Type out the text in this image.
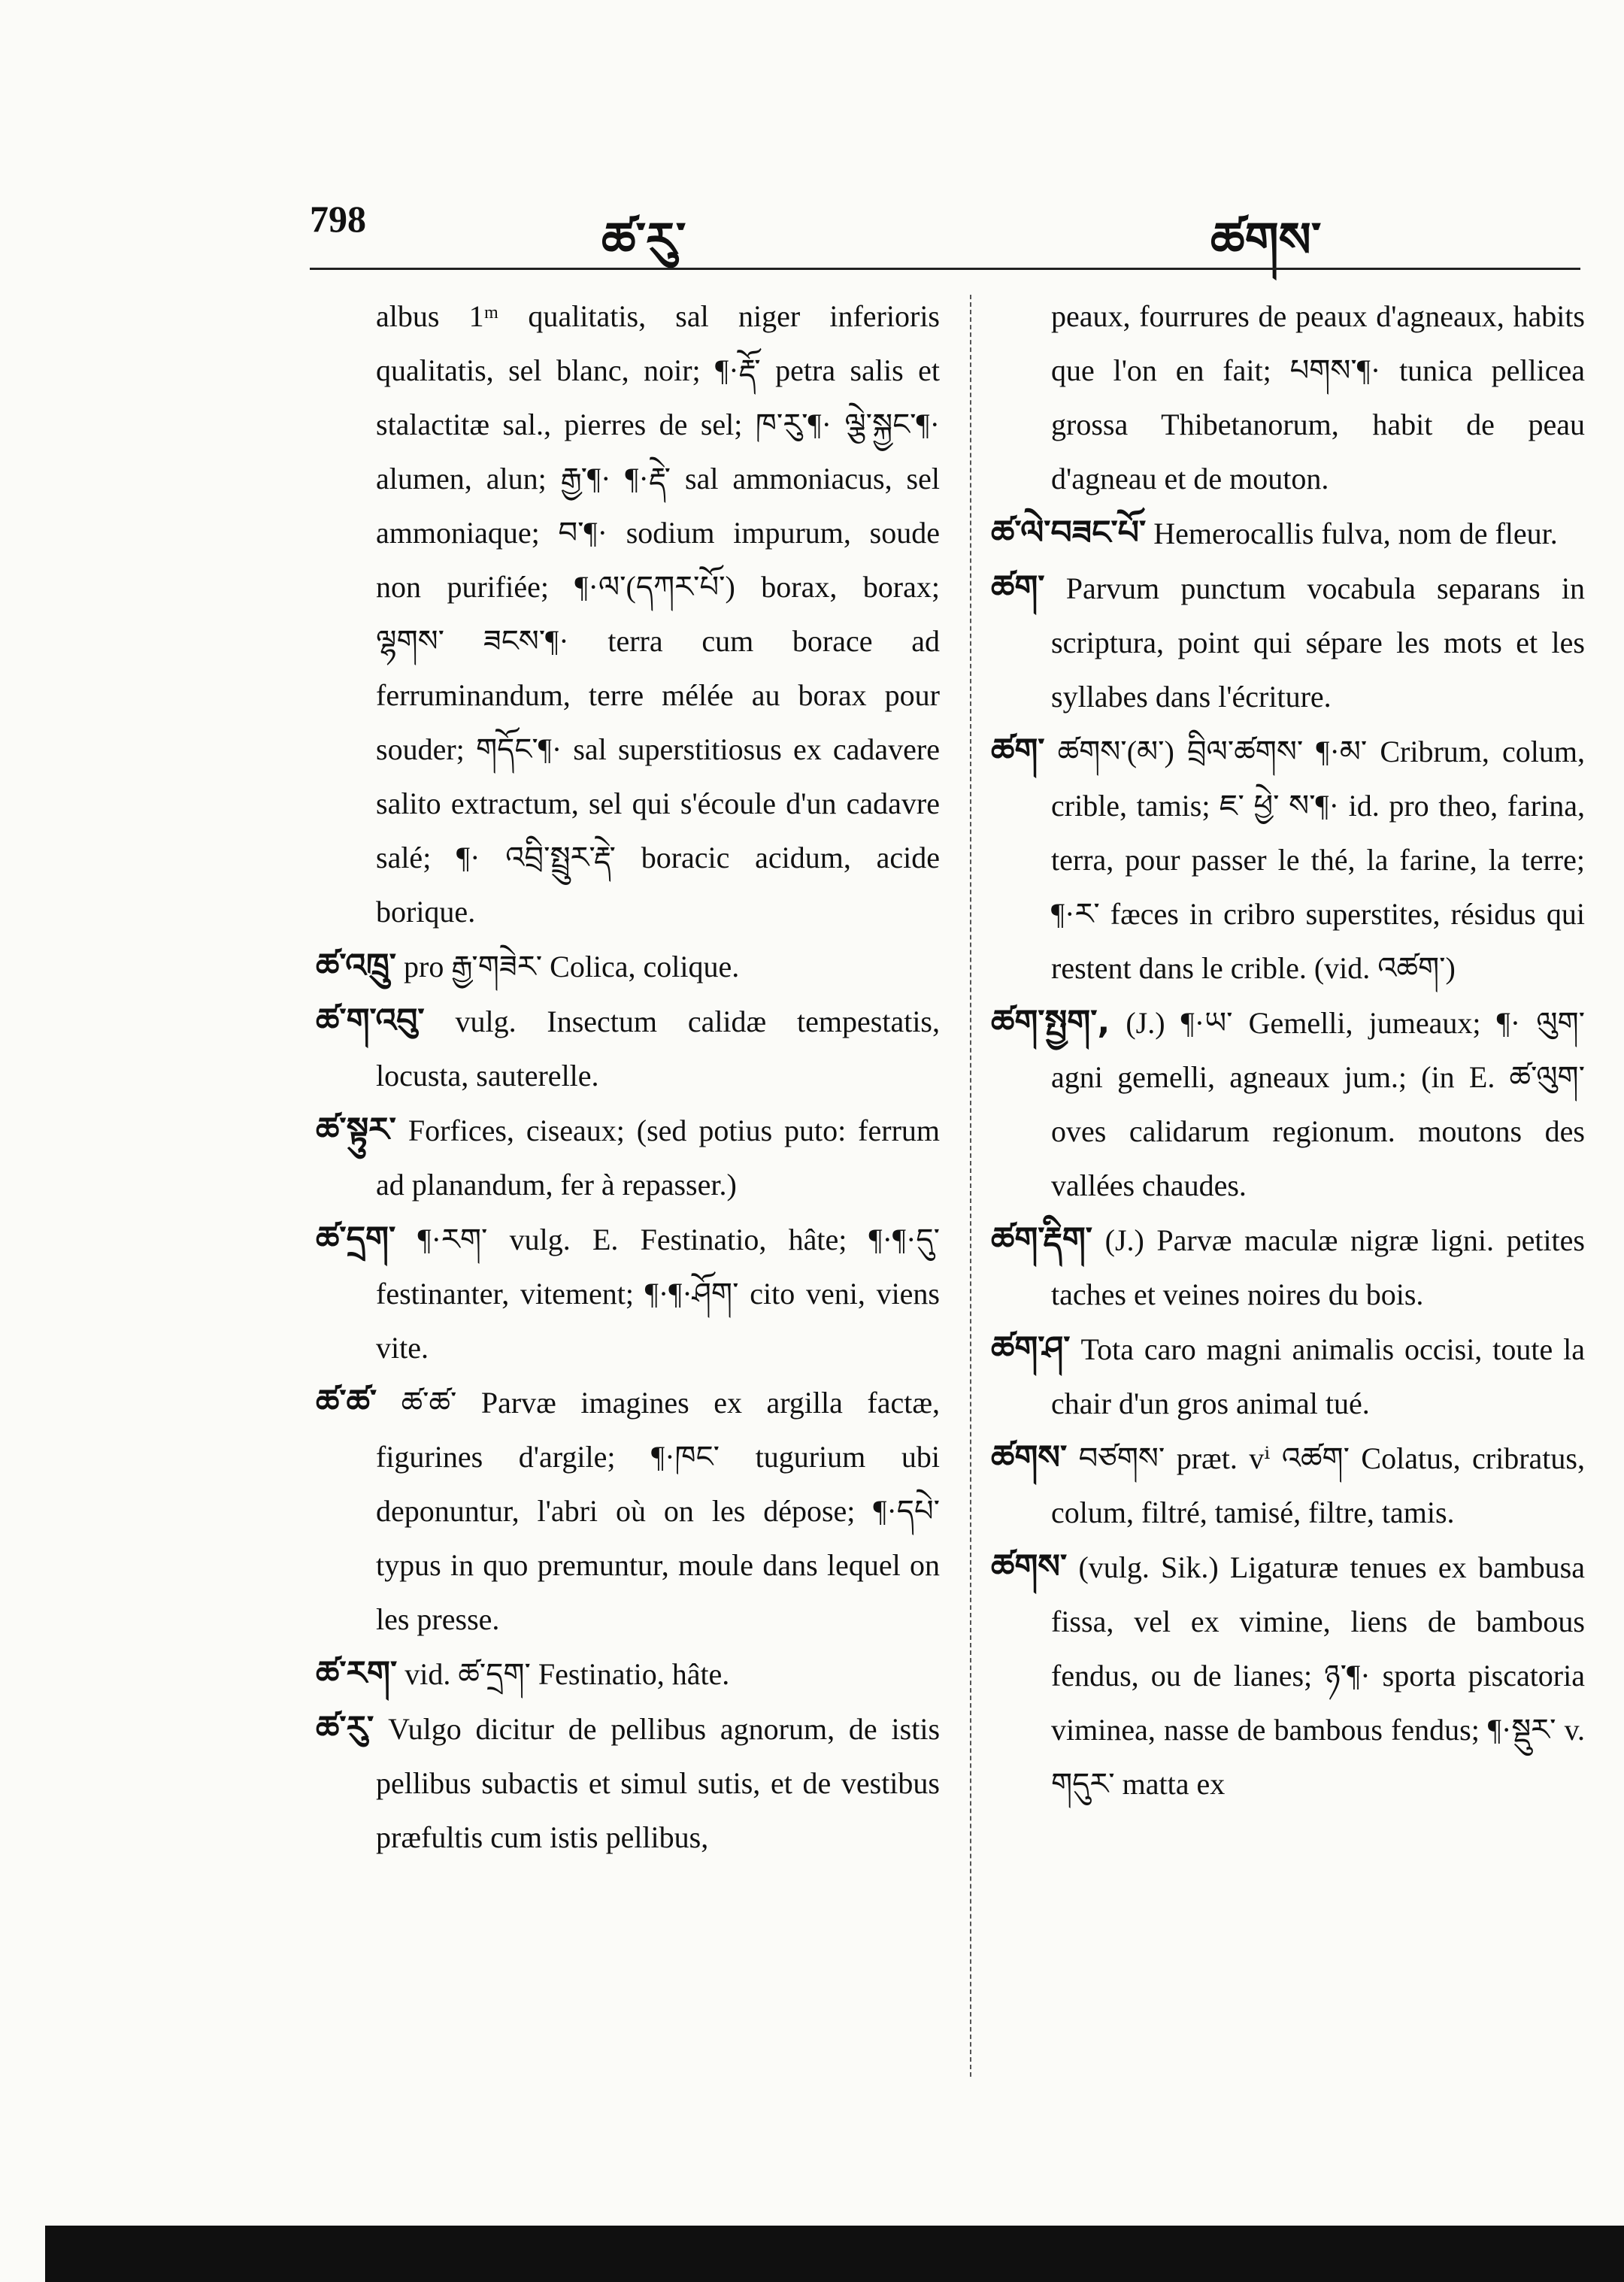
798	ཚ་རུ་	ཚགས་

albus 1ᵐ qualitatis, sal niger inferioris qualitatis, sel blanc, noir; ¶·རྡོ་ petra salis et stalactitæ sal., pierres de sel; ཁ་རུ་¶· ལྕེ་སྐྱང་¶· alumen, alun; རྒྱ་¶· ¶·རྡེ་ sal ammoniacus, sel ammoniaque; བ་¶· sodium impurum, soude non purifiée; ¶·ལ་(དཀར་པོ་) borax, borax; ལྷགས་ ཟངས་¶· terra cum borace ad ferruminandum, terre mélée au borax pour souder; གདོང་¶· sal superstitiosus ex cadavere salito extractum, sel qui s'écoule d'un cadavre salé; ¶· འབྲི་སྤྲུར་རྡེ་ boracic acidum, acide borique.

ཚ་འཁྲུ་ pro རྒྱ་གཟེར་ Colica, colique.

ཚ་ག་འབུ་ vulg. Insectum calidæ tempestatis, locusta, sauterelle.

ཚ་སྟུར་ Forfices, ciseaux; (sed potius puto: ferrum ad planandum, fer à repasser.)

ཚ་དྲག་ ¶·རག་ vulg. E. Festinatio, hâte; ¶·¶·དུ་ festinanter, vitement; ¶·¶·ཤོག་ cito veni, viens vite.

ཚ་ཚ་ ཚ་ཚ་ Parvæ imagines ex argilla factæ, figurines d'argile; ¶·ཁང་ tugurium ubi deponuntur, l'abri où on les dépose; ¶·དཔེ་ typus in quo premuntur, moule dans lequel on les presse.

ཚ་རག་ vid. ཚ་དྲག་ Festinatio, hâte.

ཚ་རུ་ Vulgo dicitur de pellibus agnorum, de istis pellibus subactis et simul sutis, et de vestibus præfultis cum istis pellibus,

peaux, fourrures de peaux d'agneaux, habits que l'on en fait; པགས་¶· tunica pellicea grossa Thibetanorum, habit de peau d'agneau et de mouton.

ཚ་ལེ་བཟང་པོ་ Hemerocallis fulva, nom de fleur.

ཚག་ Parvum punctum vocabula separans in scriptura, point qui sépare les mots et les syllabes dans l'écriture.

ཚག་ ཚགས་(མ་) བྲིལ་ཚགས་ ¶·མ་ Cribrum, colum, crible, tamis; ཇ་ ཕྱེ་ ས་¶· id. pro theo, farina, terra, pour passer le thé, la farine, la terre; ¶·ར་ fæces in cribro superstites, résidus qui restent dans le crible. (vid. འཚག་)

ཚག་སྤྱག་, (J.) ¶·ཡ་ Gemelli, jumeaux; ¶· ལུག་ agni gemelli, agneaux jum.; (in E. ཚ་ལུག་ oves calidarum regionum. moutons des vallées chaudes.

ཚག་རྡིག་ (J.) Parvæ maculæ nigræ ligni. petites taches et veines noires du bois.

ཚག་ཤ་ Tota caro magni animalis occisi, toute la chair d'un gros animal tué.

ཚགས་ བཙགས་ præt. vⁱ འཚག་ Colatus, cribratus, colum, filtré, tamisé, filtre, tamis.

ཚགས་ (vulg. Sik.) Ligaturæ tenues ex bambusa fissa, vel ex vimine, liens de bambous fendus, ou de lianes; ཉ་¶· sporta piscatoria viminea, nasse de bambous fendus; ¶·སྡུར་ v. གདུར་ matta ex
